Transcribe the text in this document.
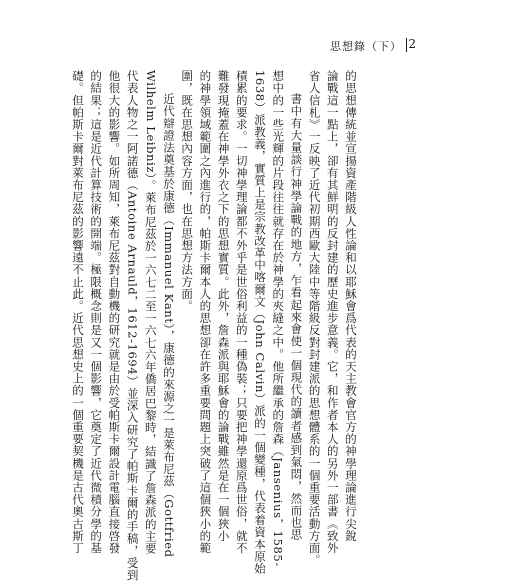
思想錄（下） 2
的思想傳統並宣揚資產階級人性論和以耶穌會爲代表的天主教會官方的神學理論進行尖銳
論戰這一點上，卻有其鮮明的反封建的歷史進步意義。它，和作者本人的另外一部書《致外
省人信札》一反映了近代初期西歐大陸中等階級反對封建派的思想體系的一個重要活動方面。
書中有大量談行神學論戰的地方，乍看起來會使一個現代的讀者感到氣悶，然而也思
想中的一些光輝的片段往往就存在於神學的夾縫之中。他所繼承的詹森（Jansenius，1585-
1638）派教義，實質上是宗教改革中喀爾文（John Calvin）派的一個變種，代表着資本原始
積累的要求。一切神學理論都不外乎是世俗利益的一種偽裝；只要把神學還原爲世俗，就不
難發現掩蓋在神學外衣之下的思想實質。此外，詹森派與耶穌會的論戰雖然是在一個狹小
的神學領域範圍之內進行的，帕斯卡爾本人的思想卻在許多重要問題上突破了這個狹小的範
圍，既在思想內容方面，也在思想方法方面。
近代辯證法奠基於康德（Immanuel Kant），康德的來源之一是萊布尼茲（Gottfried
Wilhelm Leibniz）。萊布尼茲於一六七二至一六七六年僑居巴黎時，結識了詹森派的主要
代表人物之一阿諾德（Antoine Arnauld，1612-1694）並深入研究了帕斯卡爾的手稿，受到
他很大的影響。如所周知，萊布尼茲對自動機的研究就是由於受帕斯卡爾設計電腦直接啓發
的結果；這是近代計算技術的開端。極限概念則是又一個影響，它奠定了近代微積分學的基
礎。但帕斯卡爾對萊布尼茲的影響遠不止此。近代思想史上的一個重要契機是古代奧古斯丁
